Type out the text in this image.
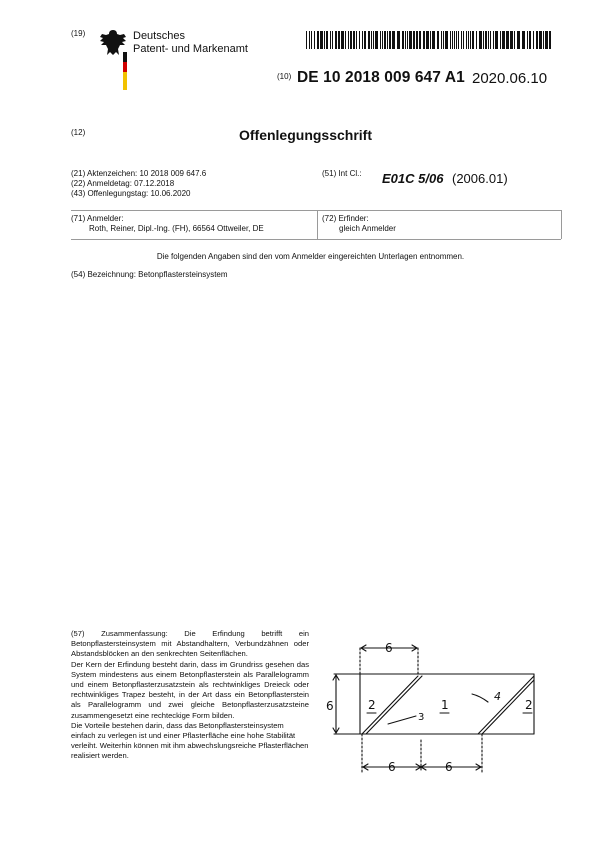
(19)	Deutsches
Patent- und Markenamt
(10) DE 10 2018 009 647 A1 2020.06.10
(12)	Offenlegungsschrift
(21) Aktenzeichen: 10 2018 009 647.6
(22) Anmeldetag: 07.12.2018
(43) Offenlegungstag: 10.06.2020
(51) Int Cl.: E01C 5/06 (2006.01)
(71) Anmelder:
Roth, Reiner, Dipl.-Ing. (FH), 66564 Ottweiler, DE
(72) Erfinder:
gleich Anmelder
Die folgenden Angaben sind den vom Anmelder eingereichten Unterlagen entnommen.
(54) Bezeichnung: Betonpflastersteinsystem

(57) Zusammenfassung: Die Erfindung betrifft ein Betonpflastersteinsystem mit Abstandhaltern, Verbundzähnen oder Abstandsblöcken an den senkrechten Seitenflächen.

Der Kern der Erfindung besteht darin, dass im Grundriss gesehen das System mindestens aus einem Betonpflasterstein als Parallelogramm und einem Betonpflasterzusatzstein als rechtwinkliges Dreieck oder rechtwinkliges Trapez besteht, in der Art dass ein Betonpflasterstein als Parallelogramm und zwei gleiche Betonpflasterzusatzsteine zusammengesetzt eine rechteckige Form bilden.

Die Vorteile bestehen darin, dass das Betonpflastersteinsystem einfach zu verlegen ist und einer Pflasterfläche eine hohe Stabilität verleiht. Weiterhin können mit ihm abwechslungsreiche Pflasterflächen realisiert werden.

6
6
6	6
2	1	2
3
4
